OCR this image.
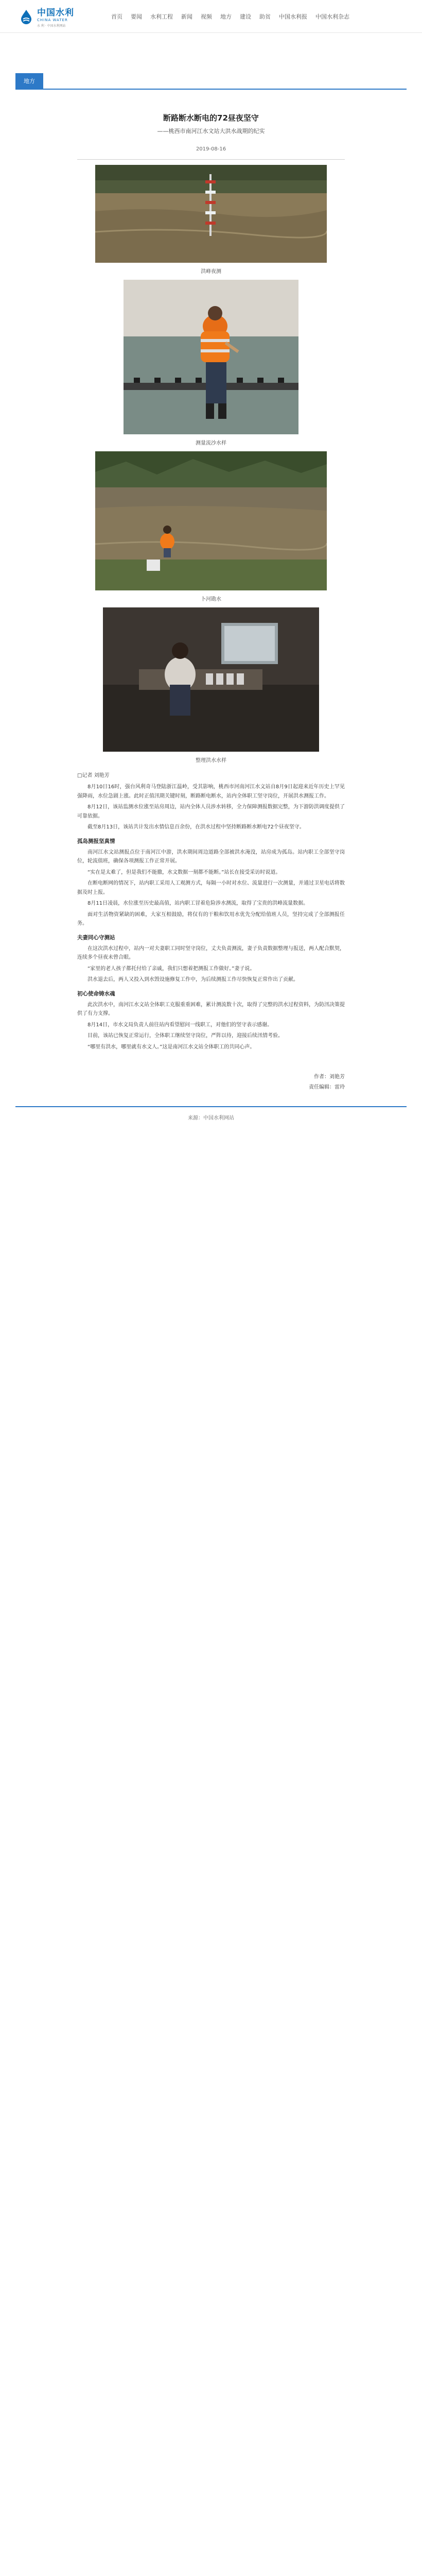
中国水利
CHINA WATER
水 利 · 中国水利网站
首页 要闻 水利工程 新闻 视频 地方 建设 助贫 中国水利报 中国水利杂志
地方
断路断水断电的72昼夜坚守
——桃西市南河江水文站大洪水战期的纪实
2019-08-16
洪峰夜测
测量流沙水样
卜河勘水
整理洪水水样
□记者 刘艳芳

8月10日16时，强台风利奇马登陆浙江温岭，受其影响，桃西市河南河江水文站自8月9日起迎来近年历史上罕见强降雨，水位急剧上涨。此时正值汛期关键时刻，断路断电断水，站内全体职工坚守岗位，开展洪水测报工作。

8月12日，该站监测水位涨至站房周边，站内全体人员涉水转移，全力保障测报数据完整，为下游防洪调度提供了可靠依据。

截至8月13日，该站共计发出水情信息百余份，在洪水过程中坚持断路断水断电72个昼夜坚守。

孤岛测报坚真情

南河江水文站测报点位于南河江中游，洪水期间周边道路全部被洪水淹没，站房成为孤岛。站内职工全部坚守岗位，轮流值班，确保各项测报工作正常开展。

“实在是太难了，但是我们不能撤，水文数据一刻都不能断。”站长在接受采访时说道。

在断电断网的情况下，站内职工采用人工观测方式，每隔一小时对水位、流量进行一次测量，并通过卫星电话将数据及时上报。

8月11日凌晨，水位涨至历史最高值，站内职工冒着危险涉水测流，取得了宝贵的洪峰流量数据。

面对生活物资紧缺的困难，大家互相鼓励，将仅有的干粮和饮用水优先分配给值班人员，坚持完成了全部测报任务。

夫妻同心守测站

在这次洪水过程中，站内一对夫妻职工同时坚守岗位，丈夫负责测流，妻子负责数据整理与报送，两人配合默契，连续多个昼夜未曾合眼。

“家里的老人孩子都托付给了亲戚，我们只想着把测报工作做好。”妻子说。

洪水退去后，两人又投入到水毁设施修复工作中，为后续测报工作尽快恢复正常作出了贡献。

初心使命铸水魂

此次洪水中，南河江水文站全体职工克服重重困难，累计测流数十次，取得了完整的洪水过程资料，为防汛决策提供了有力支撑。

8月14日，市水文局负责人前往站内看望慰问一线职工，对他们的坚守表示感谢。

目前，该站已恢复正常运行，全体职工继续坚守岗位，严阵以待，迎接后续汛情考验。

“哪里有洪水，哪里就有水文人。”这是南河江水文站全体职工的共同心声。

作者：刘艳芳
责任编辑：雷玲
来源：中国水利网站
